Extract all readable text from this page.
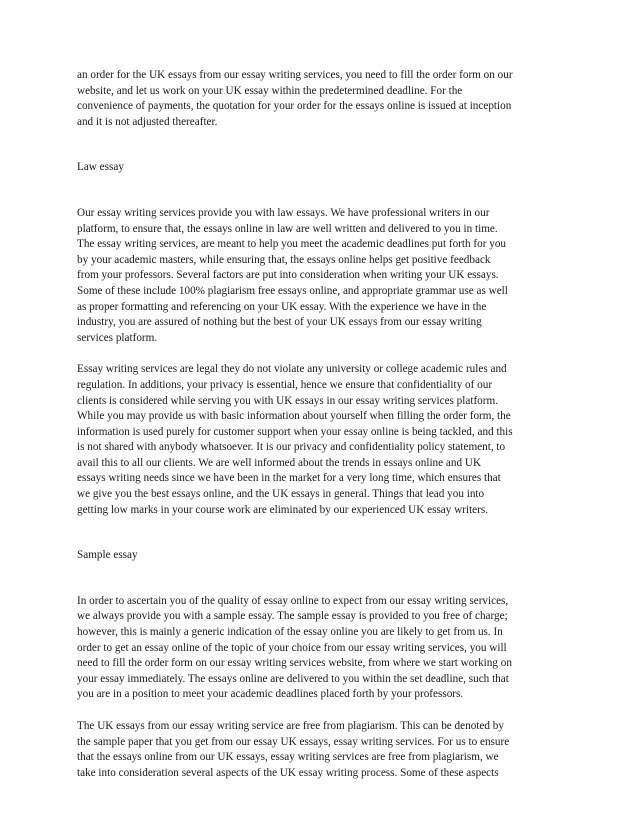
an order for the UK essays from our essay writing services, you need to fill the order form on our
website, and let us work on your UK essay within the predetermined deadline. For the
convenience of payments, the quotation for your order for the essays online is issued at inception
and it is not adjusted thereafter.

Law essay

Our essay writing services provide you with law essays. We have professional writers in our
platform, to ensure that, the essays online in law are well written and delivered to you in time.
The essay writing services, are meant to help you meet the academic deadlines put forth for you
by your academic masters, while ensuring that, the essays online helps get positive feedback
from your professors. Several factors are put into consideration when writing your UK essays.
Some of these include 100% plagiarism free essays online, and appropriate grammar use as well
as proper formatting and referencing on your UK essay. With the experience we have in the
industry, you are assured of nothing but the best of your UK essays from our essay writing
services platform.

Essay writing services are legal they do not violate any university or college academic rules and
regulation. In additions, your privacy is essential, hence we ensure that confidentiality of our
clients is considered while serving you with UK essays in our essay writing services platform.
While you may provide us with basic information about yourself when filling the order form, the
information is used purely for customer support when your essay online is being tackled, and this
is not shared with anybody whatsoever. It is our privacy and confidentiality policy statement, to
avail this to all our clients. We are well informed about the trends in essays online and UK
essays writing needs since we have been in the market for a very long time, which ensures that
we give you the best essays online, and the UK essays in general. Things that lead you into
getting low marks in your course work are eliminated by our experienced UK essay writers.

Sample essay

In order to ascertain you of the quality of essay online to expect from our essay writing services,
we always provide you with a sample essay. The sample essay is provided to you free of charge;
however, this is mainly a generic indication of the essay online you are likely to get from us. In
order to get an essay online of the topic of your choice from our essay writing services, you will
need to fill the order form on our essay writing services website, from where we start working on
your essay immediately. The essays online are delivered to you within the set deadline, such that
you are in a position to meet your academic deadlines placed forth by your professors.

The UK essays from our essay writing service are free from plagiarism. This can be denoted by
the sample paper that you get from our essay UK essays, essay writing services. For us to ensure
that the essays online from our UK essays, essay writing services are free from plagiarism, we
take into consideration several aspects of the UK essay writing process. Some of these aspects
